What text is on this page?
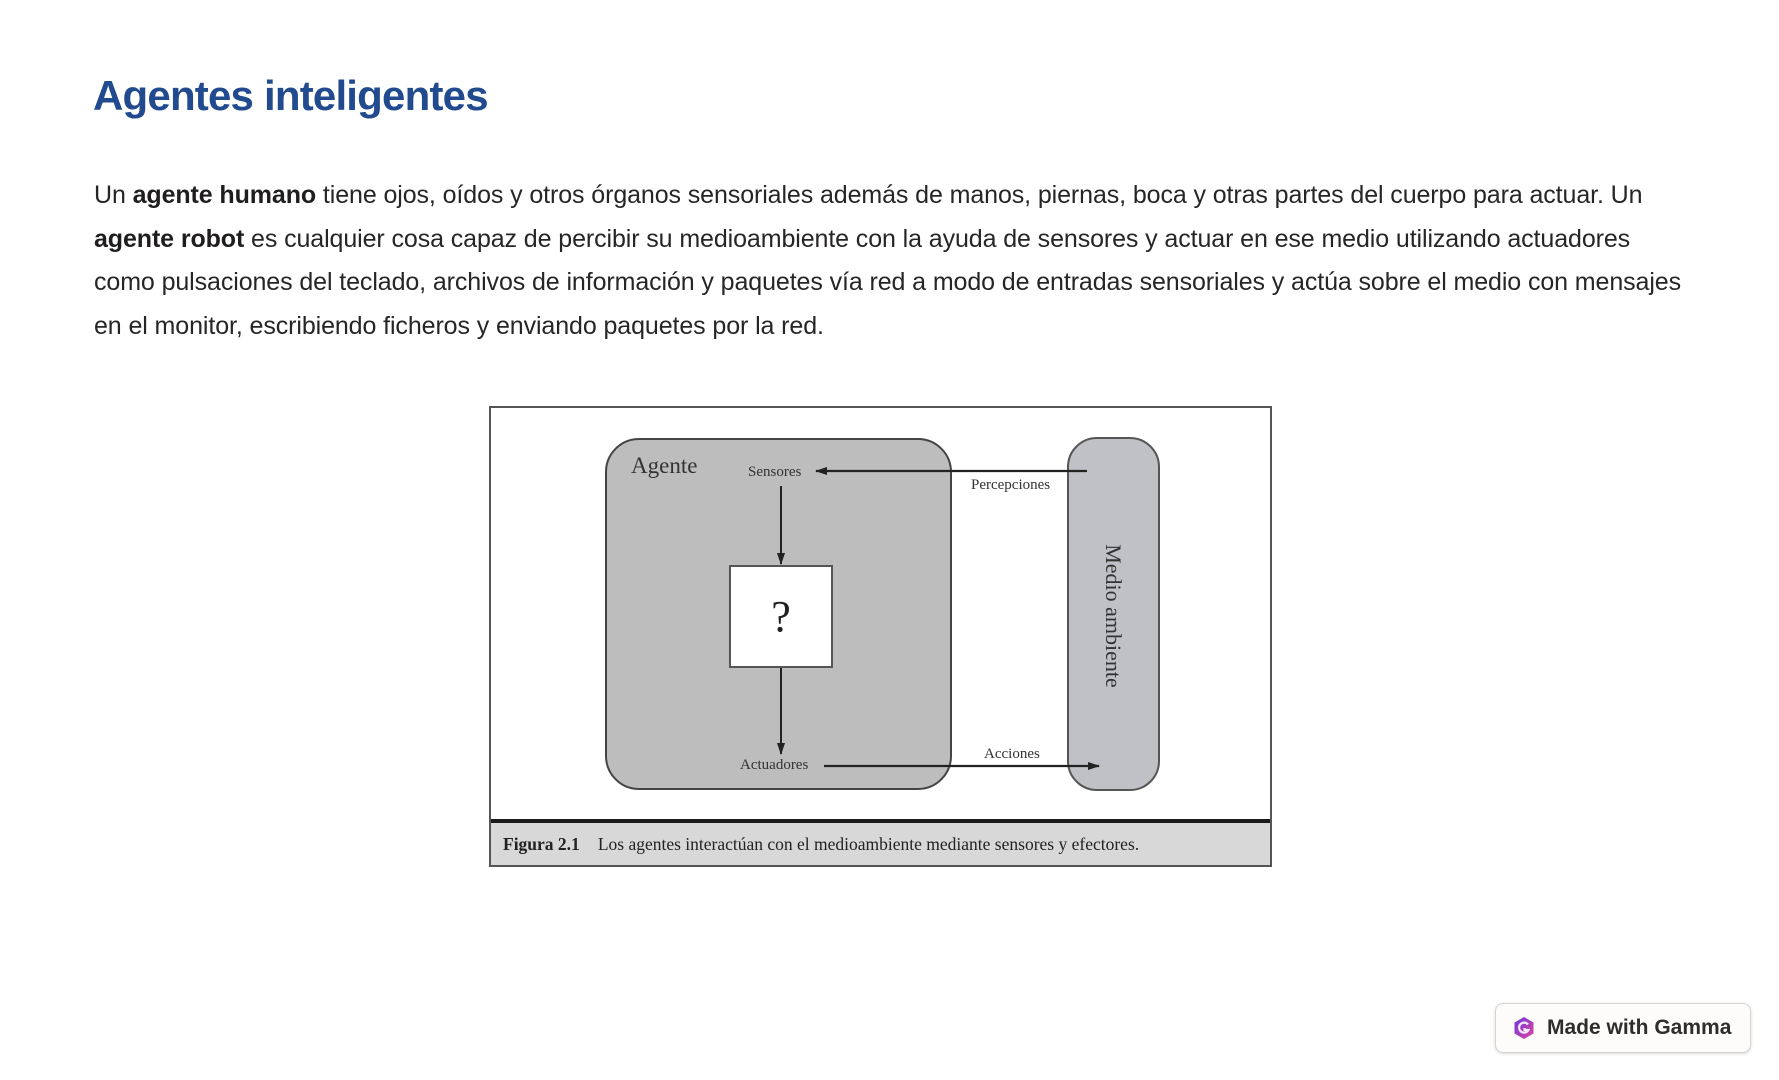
Agentes inteligentes

Un agente humano tiene ojos, oídos y otros órganos sensoriales además de manos, piernas, boca y otras partes del cuerpo para actuar. Un agente robot es cualquier cosa capaz de percibir su medioambiente con la ayuda de sensores y actuar en ese medio utilizando actuadores como pulsaciones del teclado, archivos de información y paquetes vía red a modo de entradas sensoriales y actúa sobre el medio con mensajes en el monitor, escribiendo ficheros y enviando paquetes por la red.

Agente	Sensores
Percepciones
Actuadores
Acciones
Medio ambiente
?
Figura 2.1 Los agentes interactúan con el medioambiente mediante sensores y efectores.
Made with Gamma
